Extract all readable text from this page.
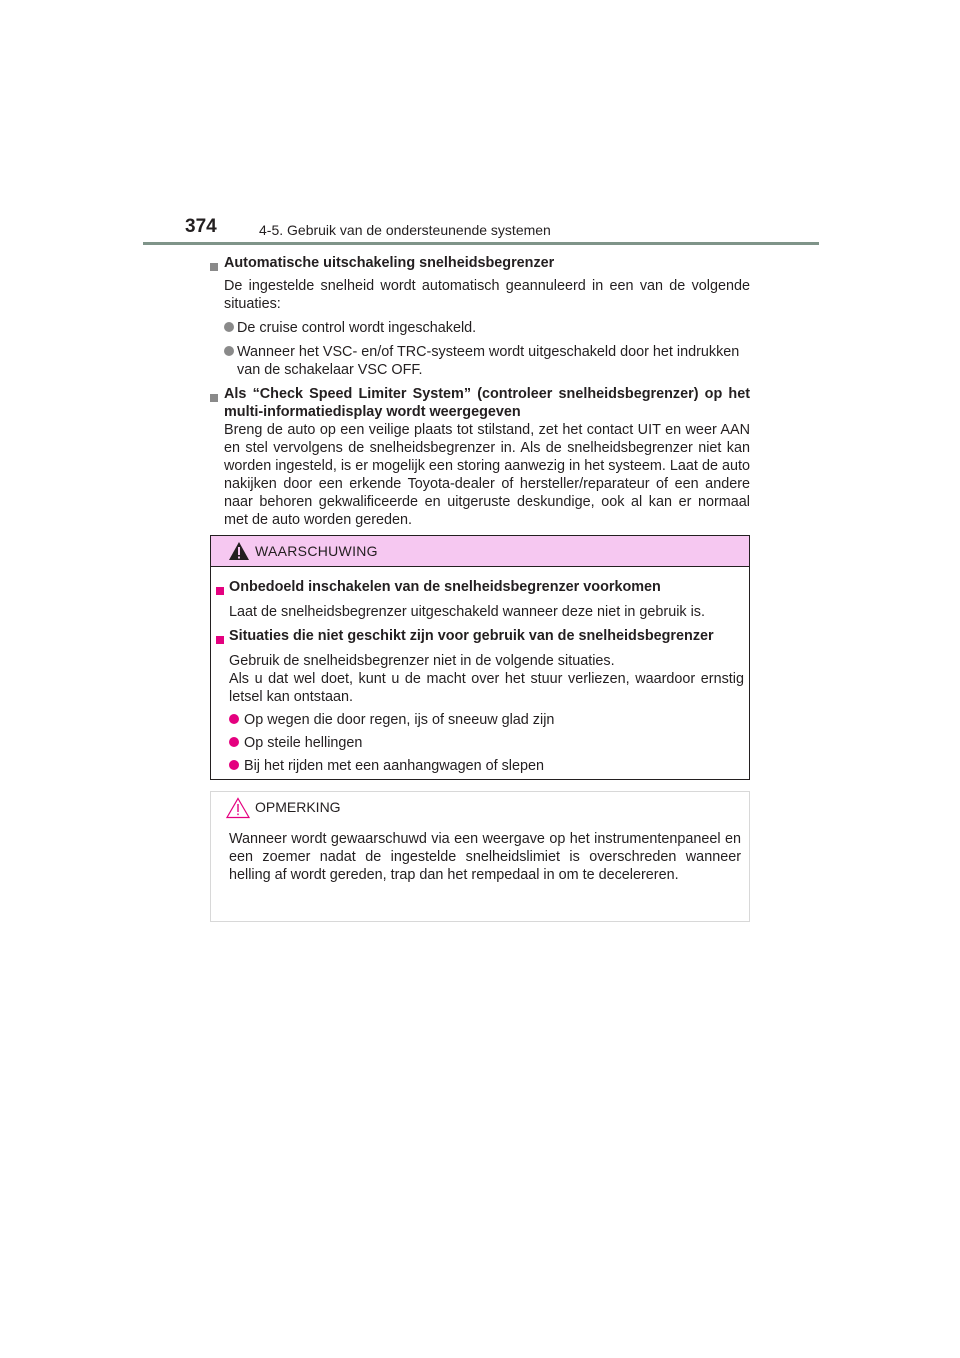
374	4-5. Gebruik van de ondersteunende systemen
Automatische uitschakeling snelheidsbegrenzer
De ingestelde snelheid wordt automatisch geannuleerd in een van de volgende situaties:
De cruise control wordt ingeschakeld.
Wanneer het VSC- en/of TRC-systeem wordt uitgeschakeld door het indrukken van de schakelaar VSC OFF.
Als “Check Speed Limiter System” (controleer snelheidsbegrenzer) op het multi-informatiedisplay wordt weergegeven
Breng de auto op een veilige plaats tot stilstand, zet het contact UIT en weer AAN en stel vervolgens de snelheidsbegrenzer in. Als de snelheidsbegrenzer niet kan worden ingesteld, is er mogelijk een storing aanwezig in het systeem. Laat de auto nakijken door een erkende Toyota-dealer of hersteller/reparateur of een andere naar behoren gekwalificeerde en uitgeruste deskundige, ook al kan er normaal met de auto worden gereden.
WAARSCHUWING
Onbedoeld inschakelen van de snelheidsbegrenzer voorkomen
Laat de snelheidsbegrenzer uitgeschakeld wanneer deze niet in gebruik is.
Situaties die niet geschikt zijn voor gebruik van de snelheidsbegrenzer
Gebruik de snelheidsbegrenzer niet in de volgende situaties.
Als u dat wel doet, kunt u de macht over het stuur verliezen, waardoor ernstig letsel kan ontstaan.
Op wegen die door regen, ijs of sneeuw glad zijn
Op steile hellingen
Bij het rijden met een aanhangwagen of slepen
OPMERKING
Wanneer wordt gewaarschuwd via een weergave op het instrumentenpaneel en een zoemer nadat de ingestelde snelheidslimiet is overschreden wanneer helling af wordt gereden, trap dan het rempedaal in om te decelereren.
